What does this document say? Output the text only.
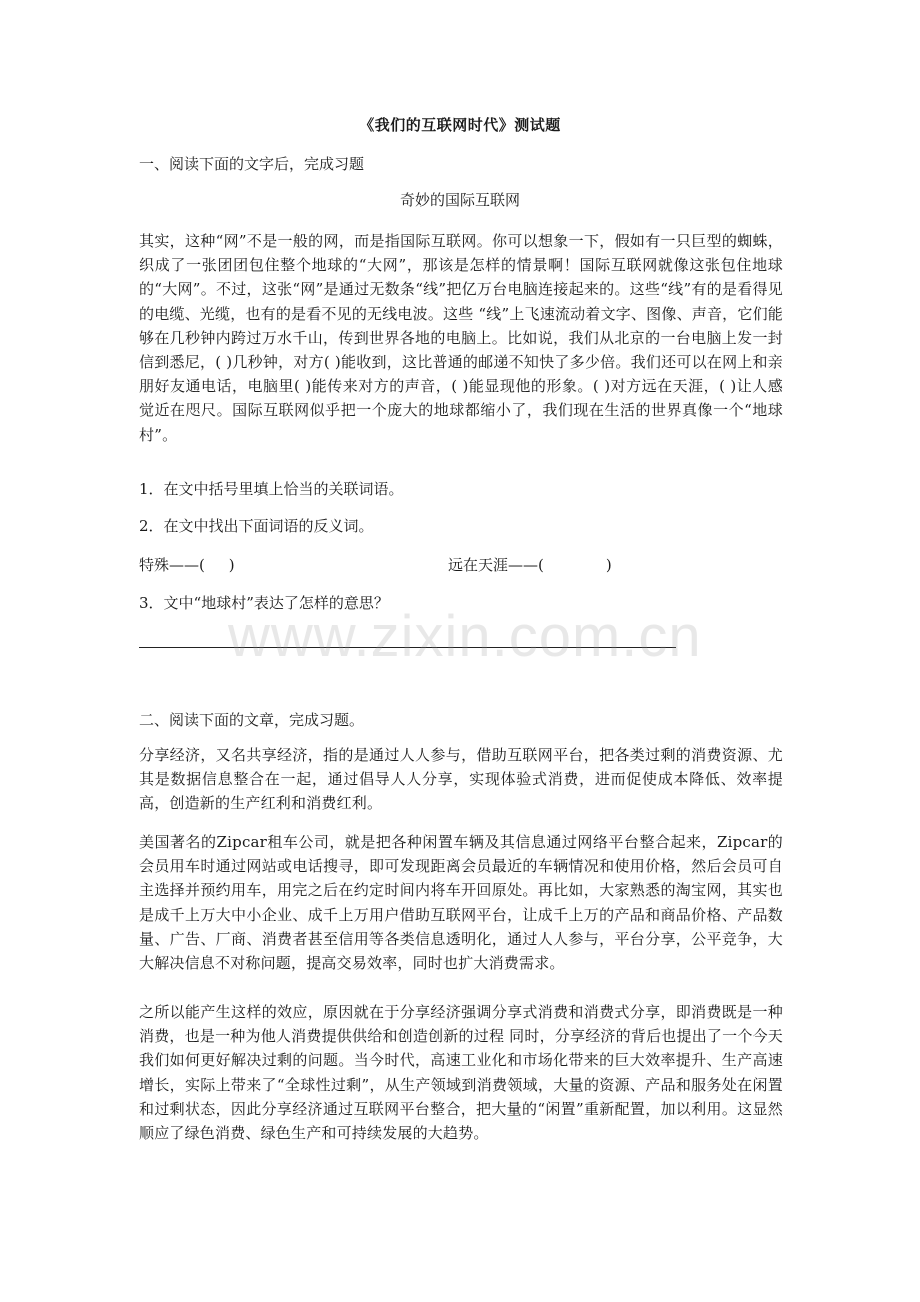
《我们的互联网时代》测试题
一、阅读下面的文字后，完成习题
奇妙的国际互联网
其实，这种“网”不是一般的网，而是指国际互联网。你可以想象一下，假如有一只巨型的蜘蛛，织成了一张团团包住整个地球的“大网”，那该是怎样的情景啊！国际互联网就像这张包住地球的“大网”。不过，这张“网”是通过无数条“线”把亿万台电脑连接起来的。这些“线”有的是看得见的电缆、光缆，也有的是看不见的无线电波。这些 “线”上飞速流动着文字、图像、声音，它们能够在几秒钟内跨过万水千山，传到世界各地的电脑上。比如说，我们从北京的一台电脑上发一封信到悉尼，( )几秒钟，对方( )能收到，这比普通的邮递不知快了多少倍。我们还可以在网上和亲朋好友通电话，电脑里( )能传来对方的声音，( )能显现他的形象。( )对方远在天涯，( )让人感觉近在咫尺。国际互联网似乎把一个庞大的地球都缩小了，我们现在生活的世界真像一个“地球村”。
1．在文中括号里填上恰当的关联词语。
2．在文中找出下面词语的反义词。
特殊——(     )	远在天涯——(             )
3．文中“地球村”表达了怎样的意思？
二、阅读下面的文章，完成习题。
分享经济，又名共享经济，指的是通过人人参与，借助互联网平台，把各类过剩的消费资源、尤其是数据信息整合在一起，通过倡导人人分享，实现体验式消费，进而促使成本降低、效率提高，创造新的生产红利和消费红利。
美国著名的Zipcar租车公司，就是把各种闲置车辆及其信息通过网络平台整合起来，Zipcar的会员用车时通过网站或电话搜寻，即可发现距离会员最近的车辆情况和使用价格，然后会员可自主选择并预约用车，用完之后在约定时间内将车开回原处。再比如，大家熟悉的淘宝网，其实也是成千上万大中小企业、成千上万用户借助互联网平台，让成千上万的产品和商品价格、产品数量、广告、厂商、消费者甚至信用等各类信息透明化，通过人人参与，平台分享，公平竞争，大大解决信息不对称问题，提高交易效率，同时也扩大消费需求。
之所以能产生这样的效应，原因就在于分享经济强调分享式消费和消费式分享，即消费既是一种消费，也是一种为他人消费提供供给和创造创新的过程 同时，分享经济的背后也提出了一个今天我们如何更好解决过剩的问题。当今时代，高速工业化和市场化带来的巨大效率提升、生产高速增长，实际上带来了“全球性过剩”，从生产领域到消费领域，大量的资源、产品和服务处在闲置和过剩状态，因此分享经济通过互联网平台整合，把大量的“闲置”重新配置，加以利用。这显然顺应了绿色消费、绿色生产和可持续发展的大趋势。
www.zixin.com.cn
